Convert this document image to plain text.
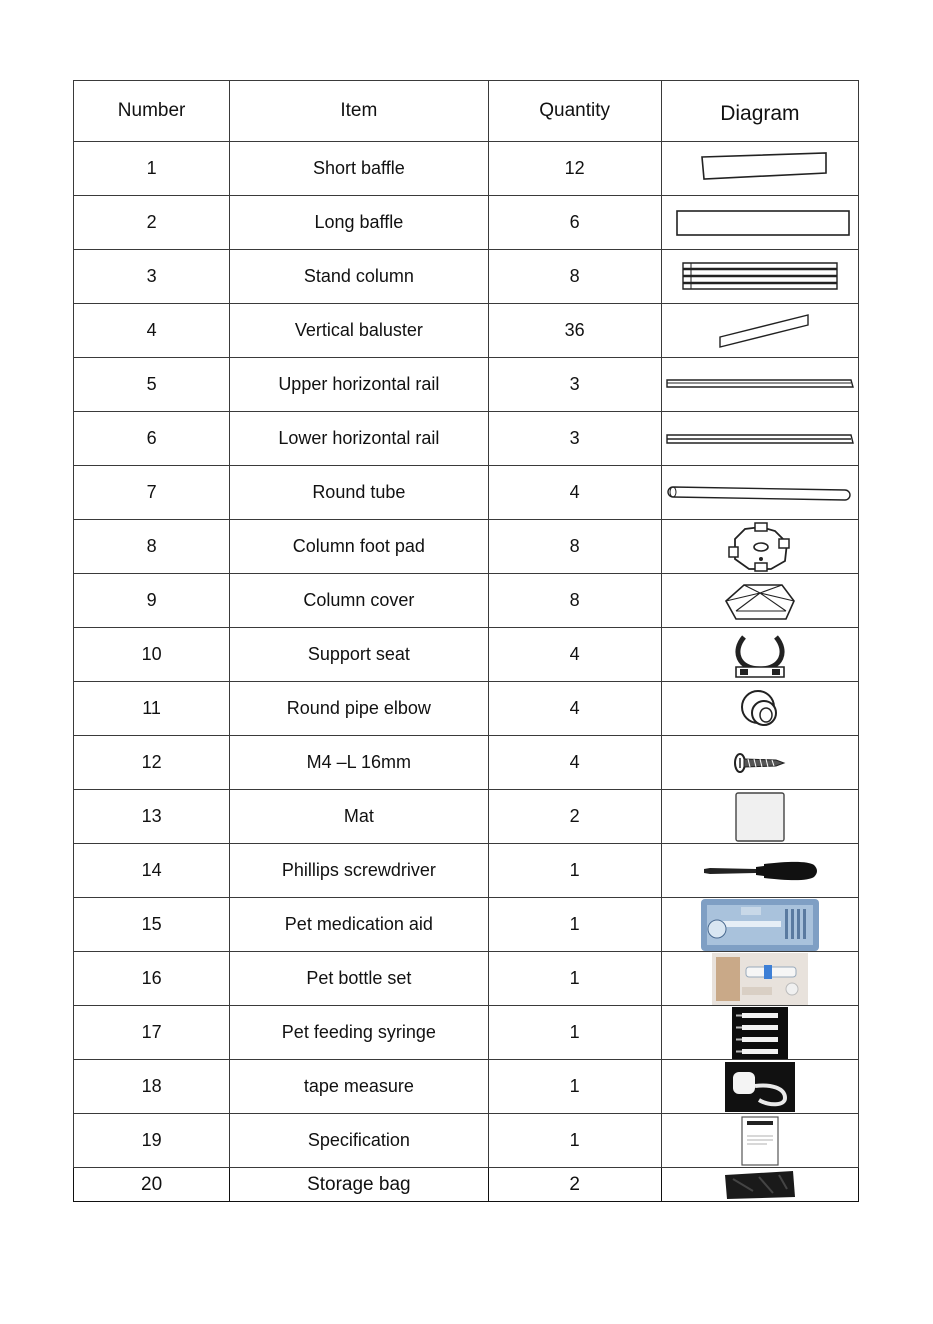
Number	Item	Quantity	Diagram
1	Short baffle	12	

2	Long baffle	6	

3	Stand column	8	

4	Vertical baluster	36	

5	Upper horizontal rail	3	

6	Lower horizontal rail	3	

7	Round tube	4	

8	Column foot pad	8	

9	Column cover	8	

10	Support seat	4	

11	Round pipe elbow	4	

12	M4 –L 16mm	4	

13	Mat	2	

14	Phillips screwdriver	1	

15	Pet medication aid	1	

16	Pet bottle set	1	

17	Pet feeding syringe	1	

18	tape measure	1	

19	Specification	1	

20	Storage bag	2	
